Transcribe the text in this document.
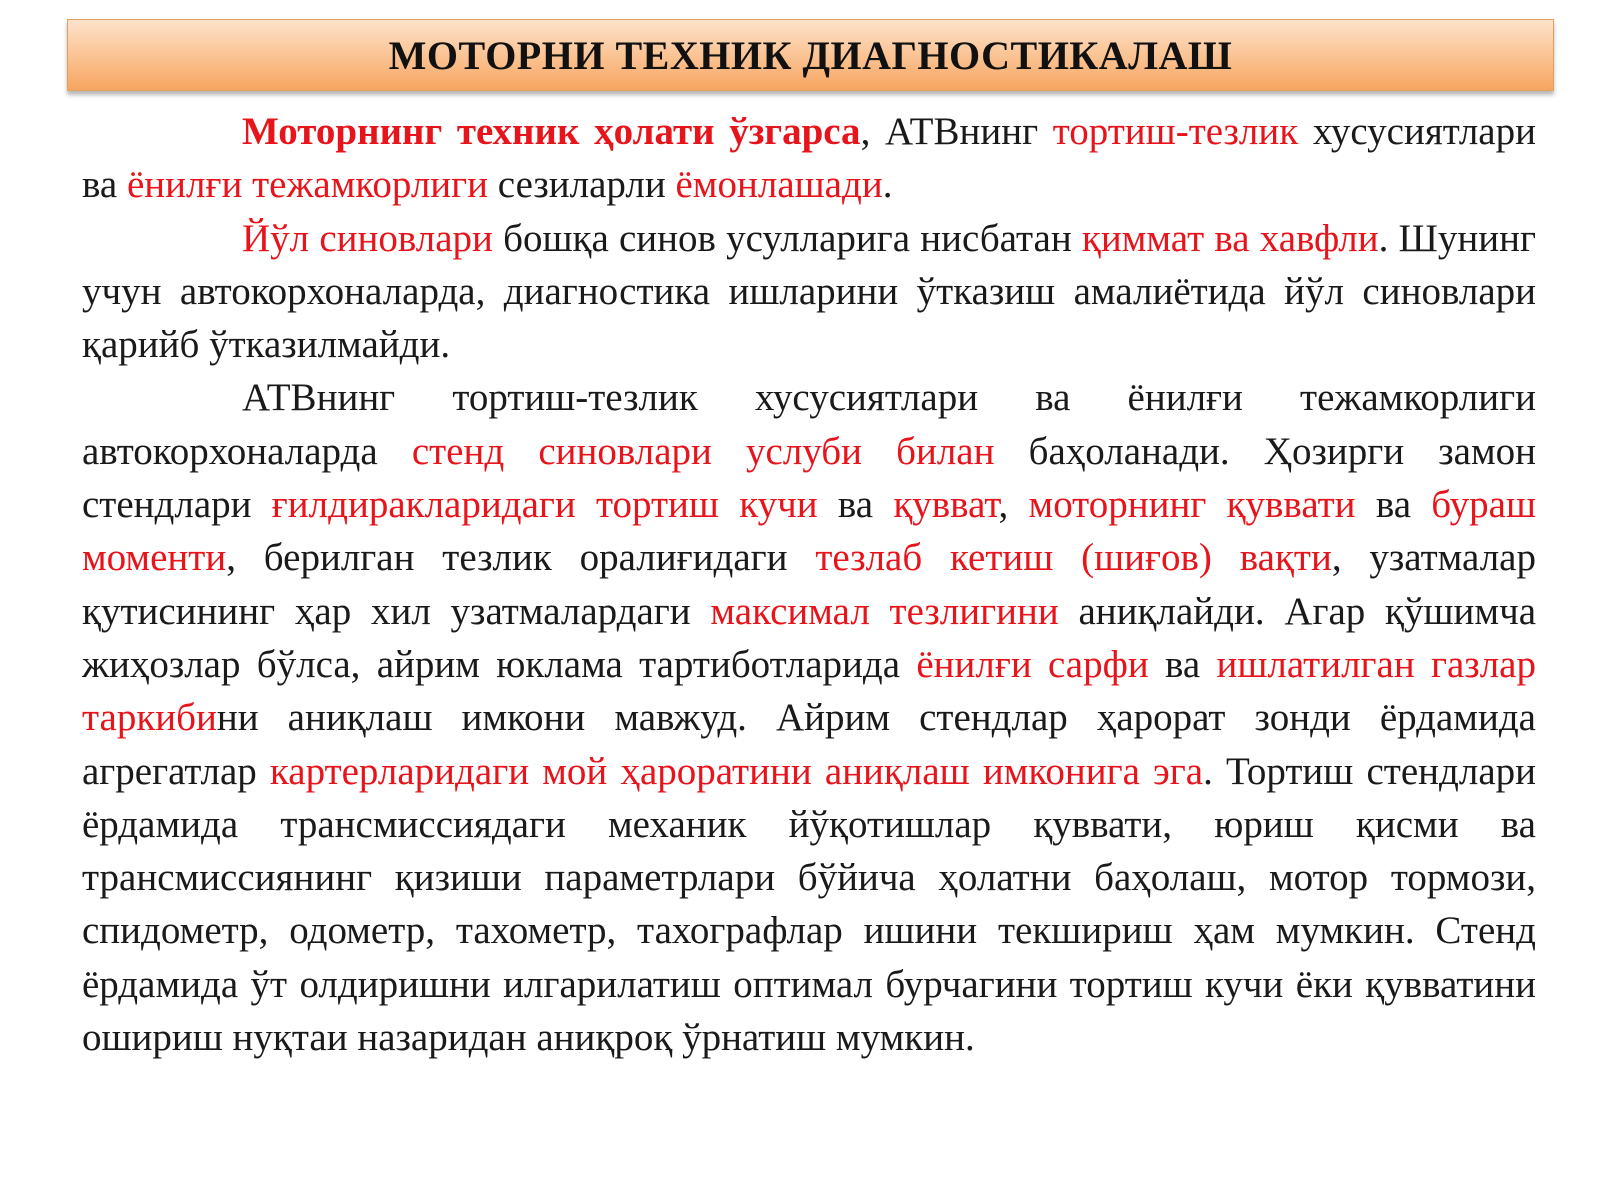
МОТОРНИ ТЕХНИК ДИАГНОСТИКАЛАШ

Моторнинг техник ҳолати ўзгарса, АТВнинг тортиш-тезлик хусусиятлари ва ёнилғи тежамкорлиги сезиларли ёмонлашади.

Йўл синовлари бошқа синов усулларига нисбатан қиммат ва хавфли. Шунинг учун автокорхоналарда, диагностика ишларини ўтказиш амалиётида йўл синовлари қарийб ўтказилмайди.

АТВнинг тортиш-тезлик хусусиятлари ва ёнилғи тежамкорлиги автокорхоналарда стенд синовлари услуби билан баҳоланади. Ҳозирги замон стендлари ғилдиракларидаги тортиш кучи ва қувват, моторнинг қуввати ва бураш моменти, берилган тезлик оралиғидаги тезлаб кетиш (шиғов) вақти, узатмалар қутисининг ҳар хил узатмалардаги максимал тезлигини аниқлайди. Агар қўшимча жиҳозлар бўлса, айрим юклама тартиботларида ёнилғи сарфи ва ишлатилган газлар таркибини аниқлаш имкони мавжуд. Айрим стендлар ҳарорат зонди ёрдамида агрегатлар картерларидаги мой ҳароратини аниқлаш имконига эга. Тортиш стендлари ёрдамида трансмиссиядаги механик йўқотишлар қуввати, юриш қисми ва трансмиссиянинг қизиши параметрлари бўйича ҳолатни баҳолаш, мотор тормози, спидометр, одометр, тахометр, тахографлар ишини текшириш ҳам мумкин. Стенд ёрдамида ўт олдиришни илгарилатиш оптимал бурчагини тортиш кучи ёки қувватини ошириш нуқтаи назаридан аниқроқ ўрнатиш мумкин.
